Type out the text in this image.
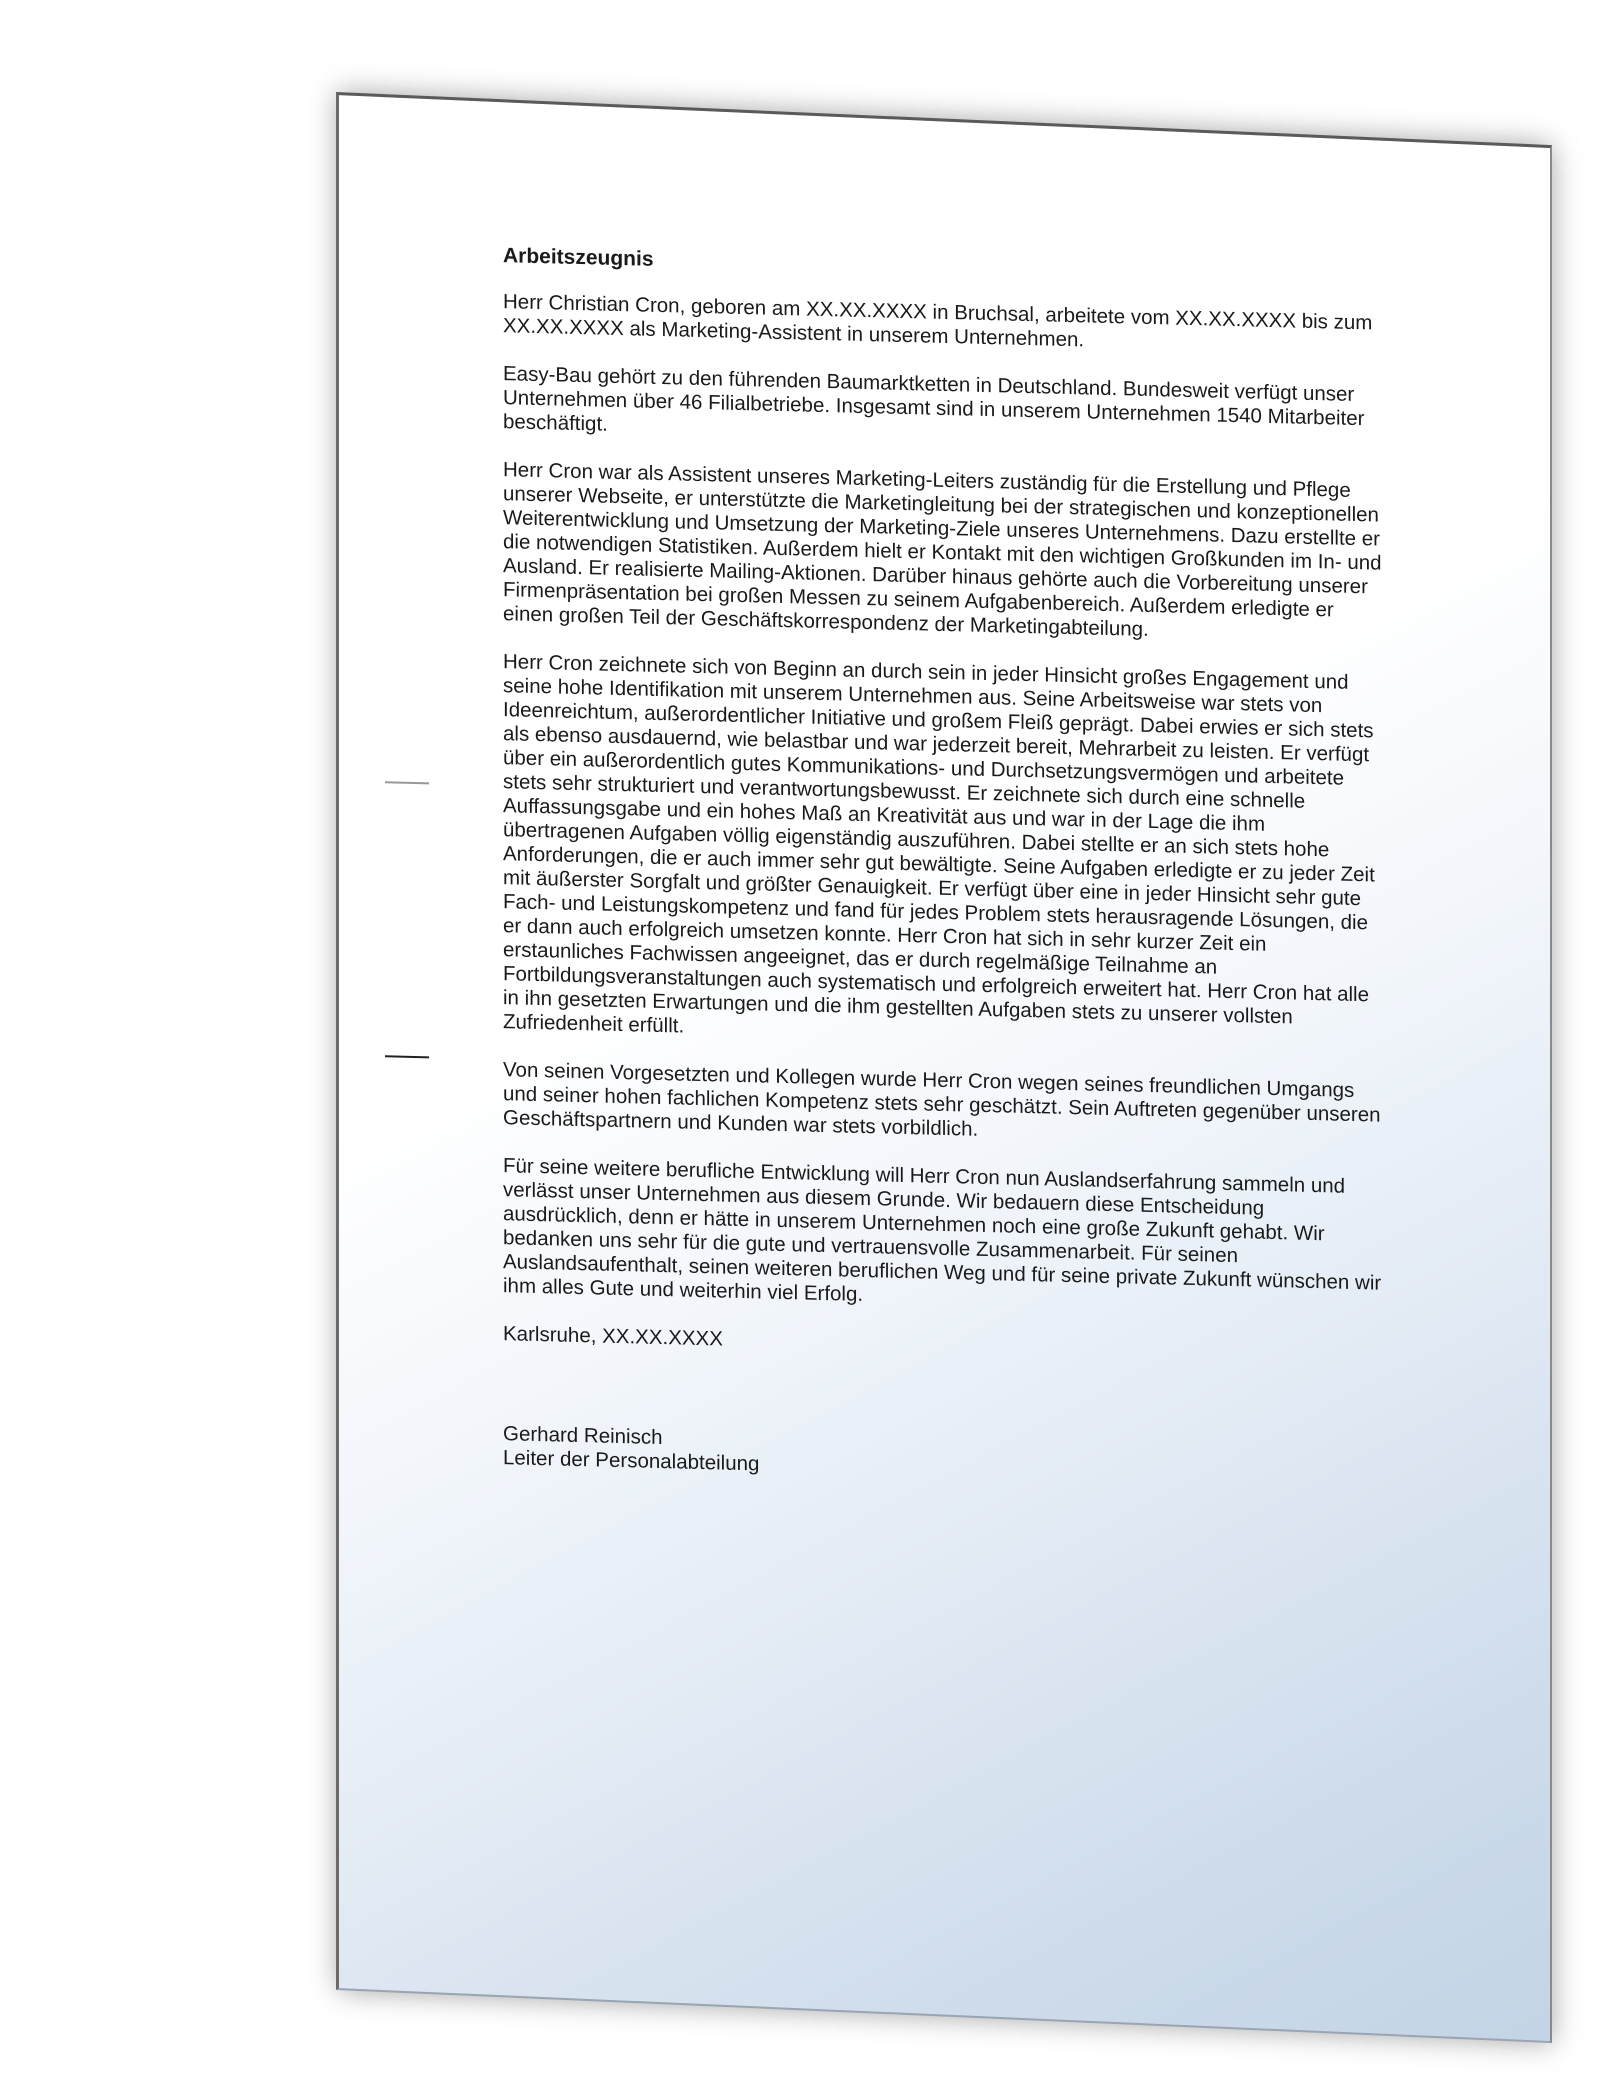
Arbeitszeugnis
Herr Christian Cron, geboren am XX.XX.XXXX in Bruchsal, arbeitete vom XX.XX.XXXX bis zum XX.XX.XXXX als Marketing-Assistent in unserem Unternehmen.
Easy-Bau gehört zu den führenden Baumarktketten in Deutschland. Bundesweit verfügt unser Unternehmen über 46 Filialbetriebe. Insgesamt sind in unserem Unternehmen 1540 Mitarbeiter beschäftigt.
Herr Cron war als Assistent unseres Marketing-Leiters zuständig für die Erstellung und Pflege unserer Webseite, er unterstützte die Marketingleitung bei der strategischen und konzeptionellen Weiterentwicklung und Umsetzung der Marketing-Ziele unseres Unternehmens. Dazu erstellte er die notwendigen Statistiken. Außerdem hielt er Kontakt mit den wichtigen Großkunden im In- und Ausland. Er realisierte Mailing-Aktionen. Darüber hinaus gehörte auch die Vorbereitung unserer Firmenpräsentation bei großen Messen zu seinem Aufgabenbereich. Außerdem erledigte er einen großen Teil der Geschäftskorrespondenz der Marketingabteilung.
Herr Cron zeichnete sich von Beginn an durch sein in jeder Hinsicht großes Engagement und seine hohe Identifikation mit unserem Unternehmen aus. Seine Arbeitsweise war stets von Ideenreichtum, außerordentlicher Initiative und großem Fleiß geprägt. Dabei erwies er sich stets als ebenso ausdauernd, wie belastbar und war jederzeit bereit, Mehrarbeit zu leisten. Er verfügt über ein außerordentlich gutes Kommunikations- und Durchsetzungsvermögen und arbeitete stets sehr strukturiert und verantwortungsbewusst. Er zeichnete sich durch eine schnelle Auffassungsgabe und ein hohes Maß an Kreativität aus und war in der Lage die ihm übertragenen Aufgaben völlig eigenständig auszuführen. Dabei stellte er an sich stets hohe Anforderungen, die er auch immer sehr gut bewältigte. Seine Aufgaben erledigte er zu jeder Zeit mit äußerster Sorgfalt und größter Genauigkeit. Er verfügt über eine in jeder Hinsicht sehr gute Fach- und Leistungskompetenz und fand für jedes Problem stets herausragende Lösungen, die er dann auch erfolgreich umsetzen konnte. Herr Cron hat sich in sehr kurzer Zeit ein erstaunliches Fachwissen angeeignet, das er durch regelmäßige Teilnahme an Fortbildungsveranstaltungen auch systematisch und erfolgreich erweitert hat. Herr Cron hat alle in ihn gesetzten Erwartungen und die ihm gestellten Aufgaben stets zu unserer vollsten Zufriedenheit erfüllt.
Von seinen Vorgesetzten und Kollegen wurde Herr Cron wegen seines freundlichen Umgangs und seiner hohen fachlichen Kompetenz stets sehr geschätzt. Sein Auftreten gegenüber unseren Geschäftspartnern und Kunden war stets vorbildlich.
Für seine weitere berufliche Entwicklung will Herr Cron nun Auslandserfahrung sammeln und verlässt unser Unternehmen aus diesem Grunde. Wir bedauern diese Entscheidung ausdrücklich, denn er hätte in unserem Unternehmen noch eine große Zukunft gehabt. Wir bedanken uns sehr für die gute und vertrauensvolle Zusammenarbeit. Für seinen Auslandsaufenthalt, seinen weiteren beruflichen Weg und für seine private Zukunft wünschen wir ihm alles Gute und weiterhin viel Erfolg.
Karlsruhe, XX.XX.XXXX
Gerhard Reinisch
Leiter der Personalabteilung
